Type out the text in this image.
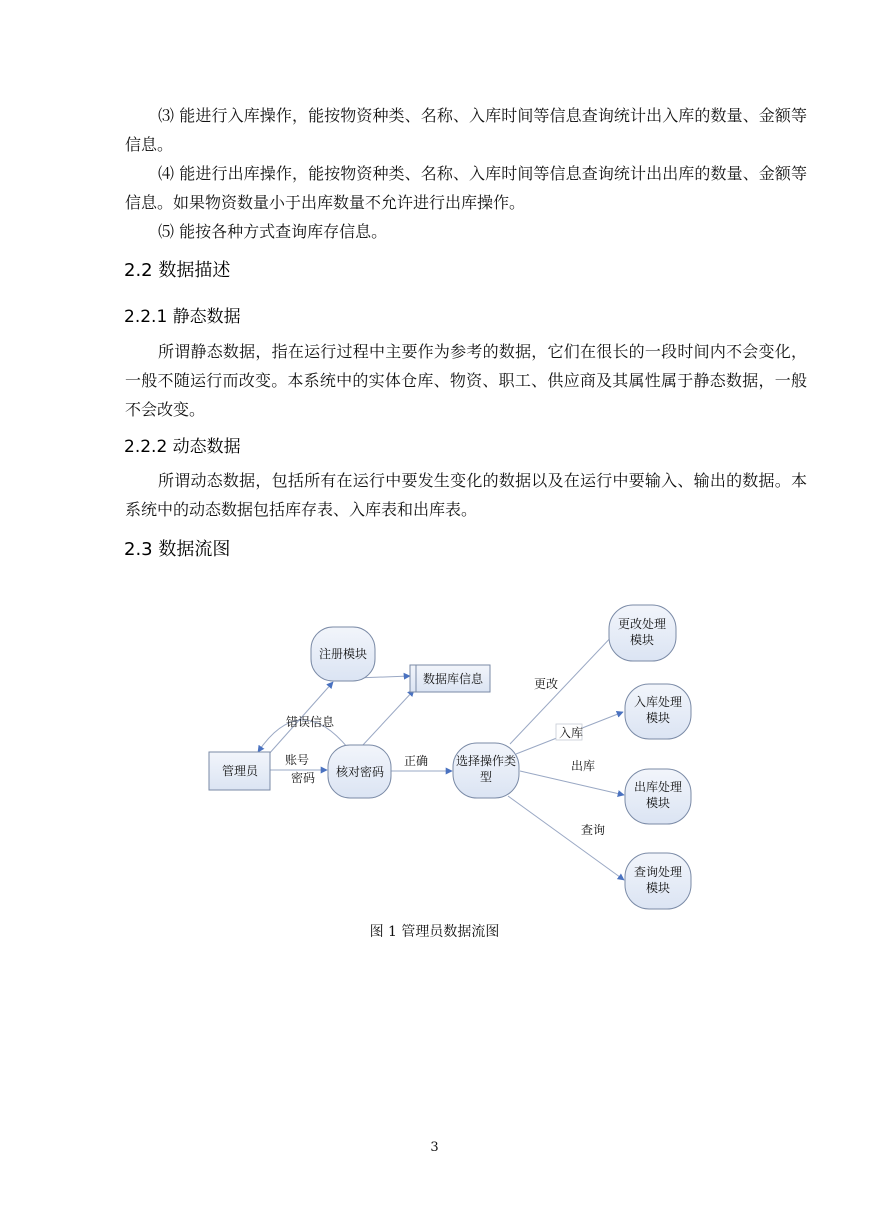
⑶ 能进行入库操作，能按物资种类、名称、入库时间等信息查询统计出入库的数量、金额等信息。
⑷ 能进行出库操作，能按物资种类、名称、入库时间等信息查询统计出出库的数量、金额等信息。如果物资数量小于出库数量不允许进行出库操作。
⑸ 能按各种方式查询库存信息。
2.2 数据描述
2.2.1 静态数据
所谓静态数据，指在运行过程中主要作为参考的数据，它们在很长的一段时间内不会变化，一般不随运行而改变。本系统中的实体仓库、物资、职工、供应商及其属性属于静态数据，一般不会改变。
2.2.2 动态数据
所谓动态数据，包括所有在运行中要发生变化的数据以及在运行中要输入、输出的数据。本系统中的动态数据包括库存表、入库表和出库表。
2.3 数据流图
管理员
注册模块
数据库信息
核对密码
选择操作类
型
更改处理
模块
入库处理
模块
出库处理
模块
查询处理
模块
错误信息
账号
密码
正确
更改
入库
出库
查询
图 1 管理员数据流图
3
